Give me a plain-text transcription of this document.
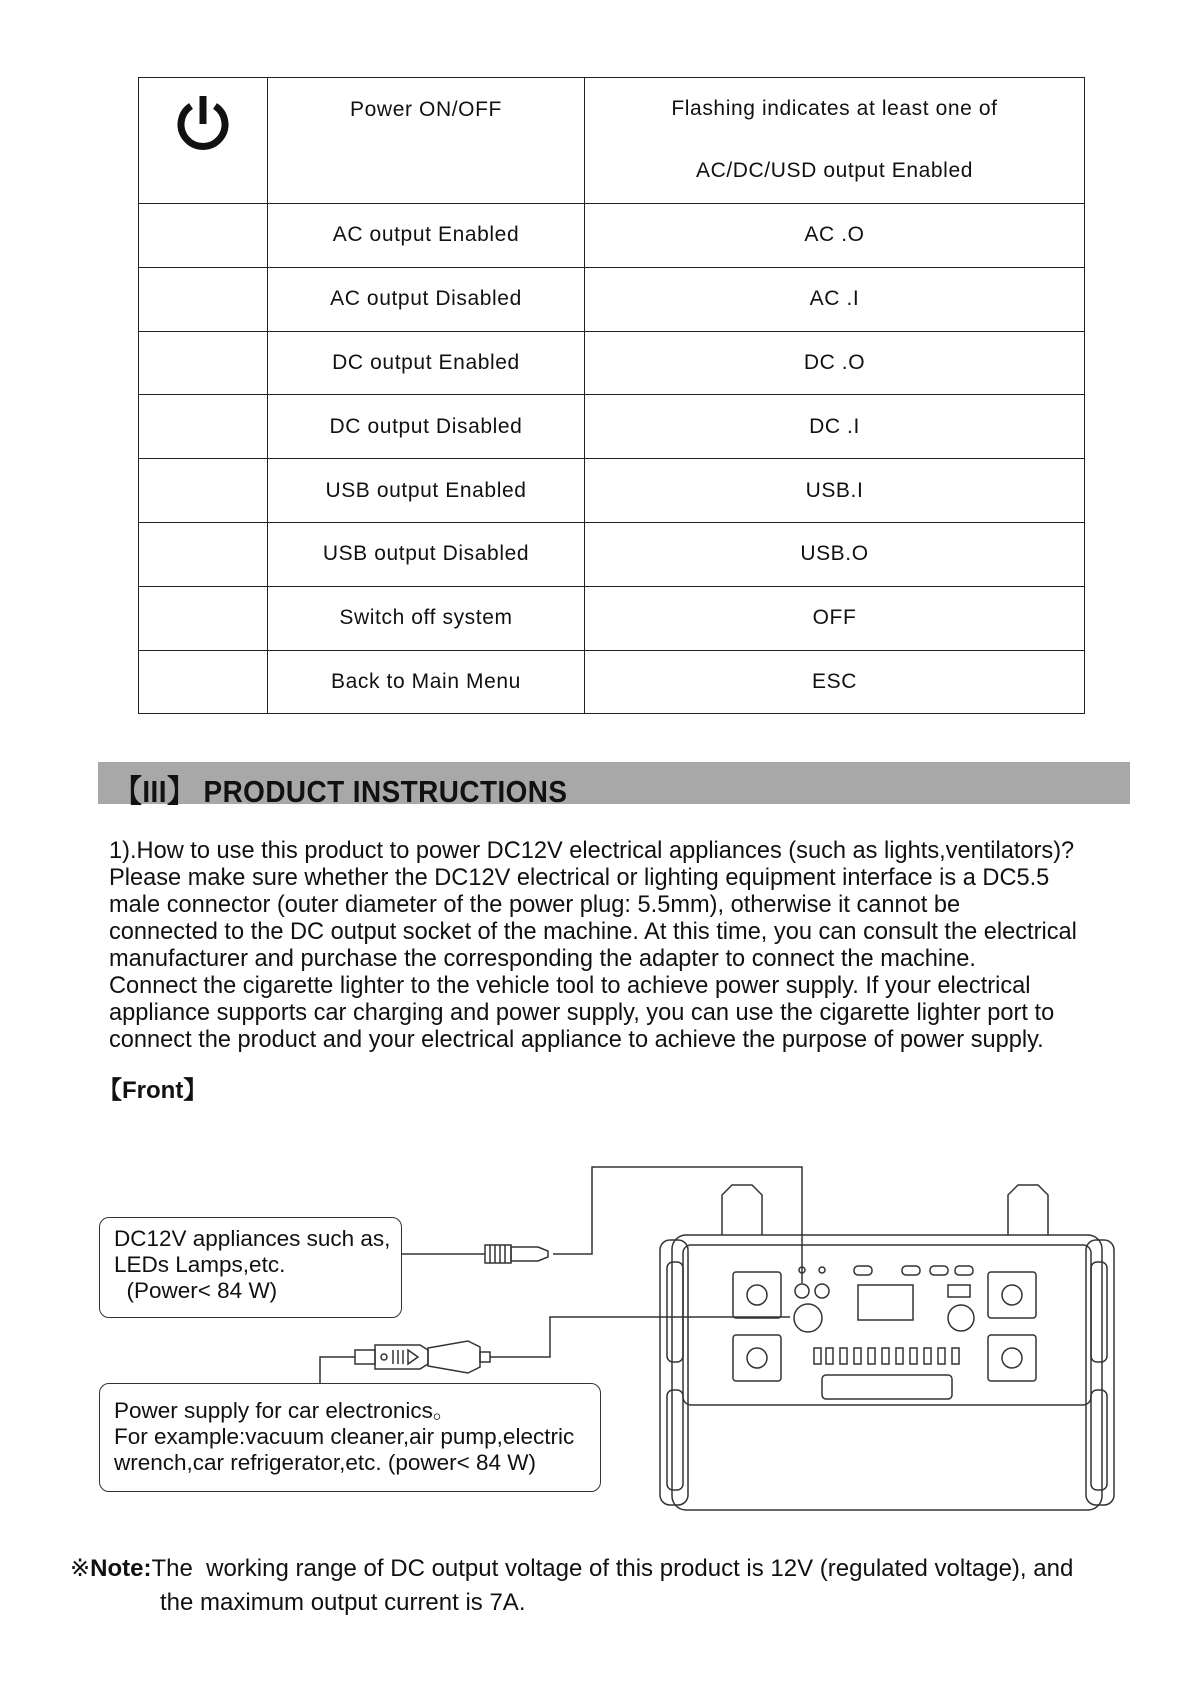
	Power ON/OFF	Flashing indicates at least one of
AC/DC/USD output Enabled

	AC output Enabled	AC .O
	AC output Disabled	AC .I
	DC output Enabled	DC .O
	DC output Disabled	DC .I
	USB output Enabled	USB.I
	USB output Disabled	USB.O
	Switch off system	OFF
	Back to Main Menu	ESC
【III】 PRODUCT INSTRUCTIONS
1).How to use this product to power DC12V electrical appliances (such as lights,ventilators)?
Please make sure whether the DC12V electrical or lighting equipment interface is a DC5.5
male connector (outer diameter of the power plug: 5.5mm), otherwise it cannot be
connected to the DC output socket of the machine. At this time, you can consult the electrical
manufacturer and purchase the corresponding the adapter to connect the machine.
Connect the cigarette lighter to the vehicle tool to achieve power supply. If your electrical
appliance supports car charging and power supply, you can use the cigarette lighter port to
connect the product and your electrical appliance to achieve the purpose of power supply.
【Front】
DC12V appliances such as,
LEDs Lamps,etc.
(Power< 84 W)
Power supply for car electronics。
For example:vacuum cleaner,air pump,electric
wrench,car refrigerator,etc. (power< 84 W)
※Note:The  working range of DC output voltage of this product is 12V (regulated voltage), and
the maximum output current is 7A.
